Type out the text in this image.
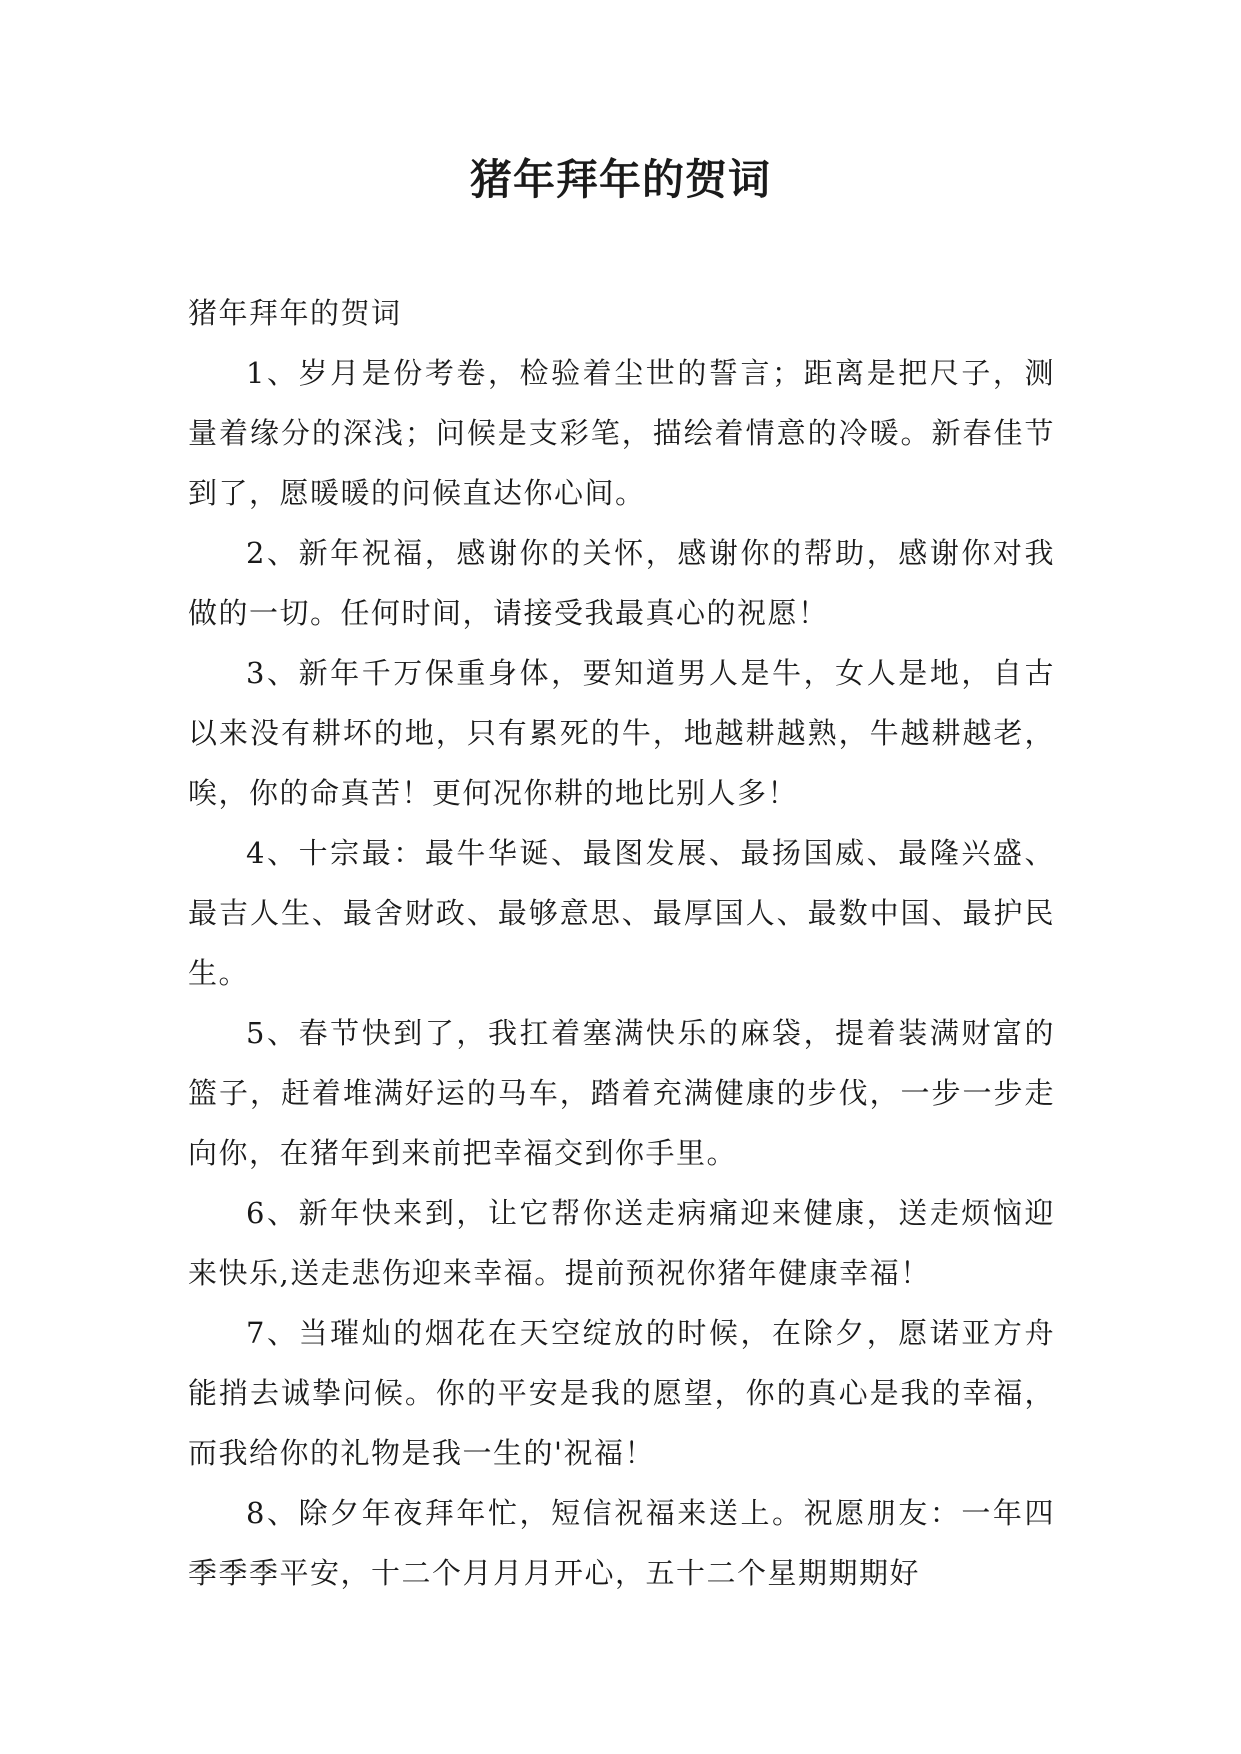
猪年拜年的贺词

猪年拜年的贺词

1、岁月是份考卷，检验着尘世的誓言；距离是把尺子，测量着缘分的深浅；问候是支彩笔，描绘着情意的冷暖。新春佳节到了，愿暖暖的问候直达你心间。

2、新年祝福，感谢你的关怀，感谢你的帮助，感谢你对我做的一切。任何时间，请接受我最真心的祝愿！

3、新年千万保重身体，要知道男人是牛，女人是地，自古以来没有耕坏的地，只有累死的牛，地越耕越熟，牛越耕越老，唉，你的命真苦！更何况你耕的地比别人多！

4、十宗最：最牛华诞、最图发展、最扬国威、最隆兴盛、最吉人生、最舍财政、最够意思、最厚国人、最数中国、最护民生。

5、春节快到了，我扛着塞满快乐的麻袋，提着装满财富的篮子，赶着堆满好运的马车，踏着充满健康的步伐，一步一步走向你，在猪年到来前把幸福交到你手里。

6、新年快来到，让它帮你送走病痛迎来健康，送走烦恼迎来快乐,送走悲伤迎来幸福。提前预祝你猪年健康幸福！

7、当璀灿的烟花在天空绽放的时候，在除夕，愿诺亚方舟能捎去诚挚问候。你的平安是我的愿望，你的真心是我的幸福，而我给你的礼物是我一生的'祝福！

8、除夕年夜拜年忙，短信祝福来送上。祝愿朋友：一年四季季季平安，十二个月月月开心，五十二个星期期期好
